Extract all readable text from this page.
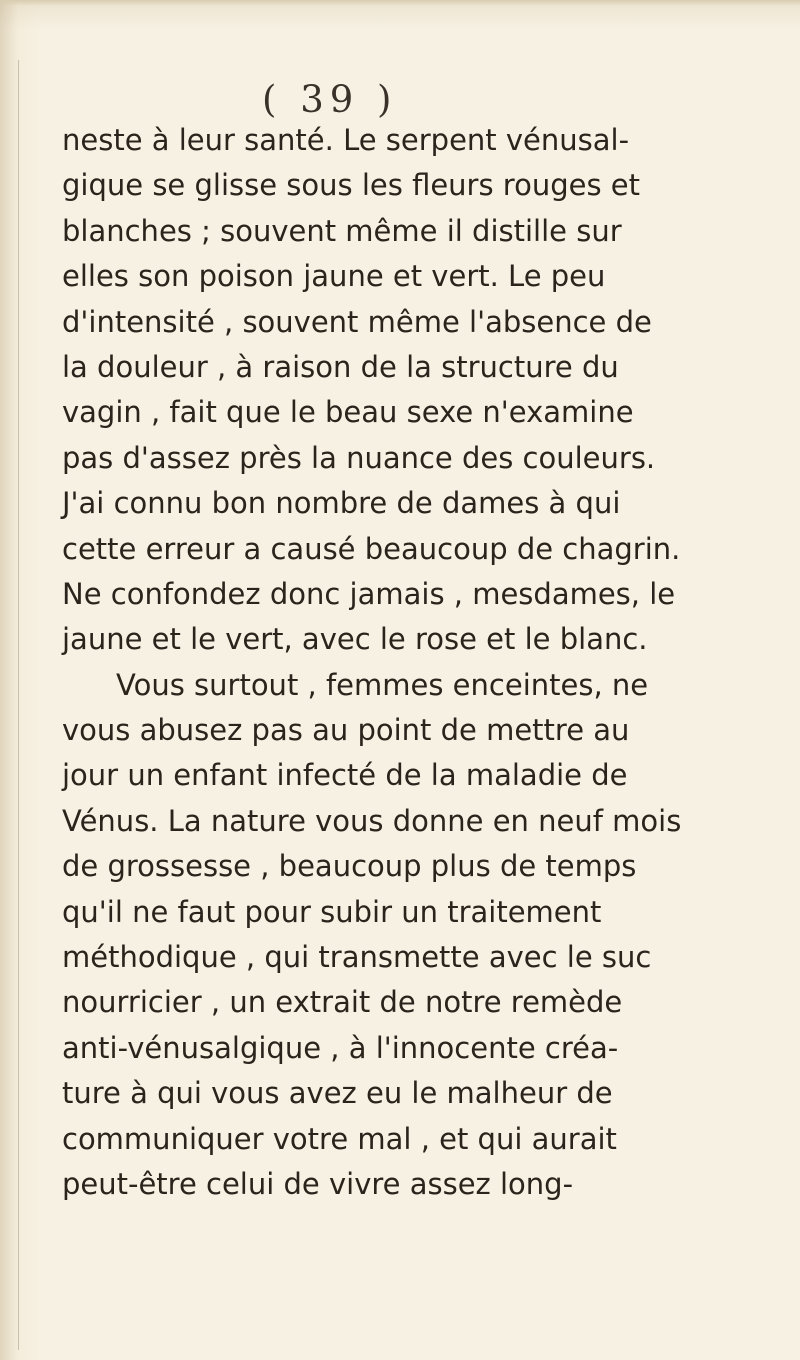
( 39 )
neste à leur santé. Le serpent vénusal-
gique se glisse sous les fleurs rouges et
blanches ; souvent même il distille sur
elles son poison jaune et vert. Le peu
d'intensité , souvent même l'absence de
la douleur , à raison de la structure du
vagin , fait que le beau sexe n'examine
pas d'assez près la nuance des couleurs.
J'ai connu bon nombre de dames à qui
cette erreur a causé beaucoup de chagrin.
Ne confondez donc jamais , mesdames, le
jaune et le vert, avec le rose et le blanc.
Vous surtout , femmes enceintes, ne
vous abusez pas au point de mettre au
jour un enfant infecté de la maladie de
Vénus. La nature vous donne en neuf mois
de grossesse , beaucoup plus de temps
qu'il ne faut pour subir un traitement
méthodique , qui transmette avec le suc
nourricier , un extrait de notre remède
anti-vénusalgique , à l'innocente créa-
ture à qui vous avez eu le malheur de
communiquer votre mal , et qui aurait
peut-être celui de vivre assez long-
